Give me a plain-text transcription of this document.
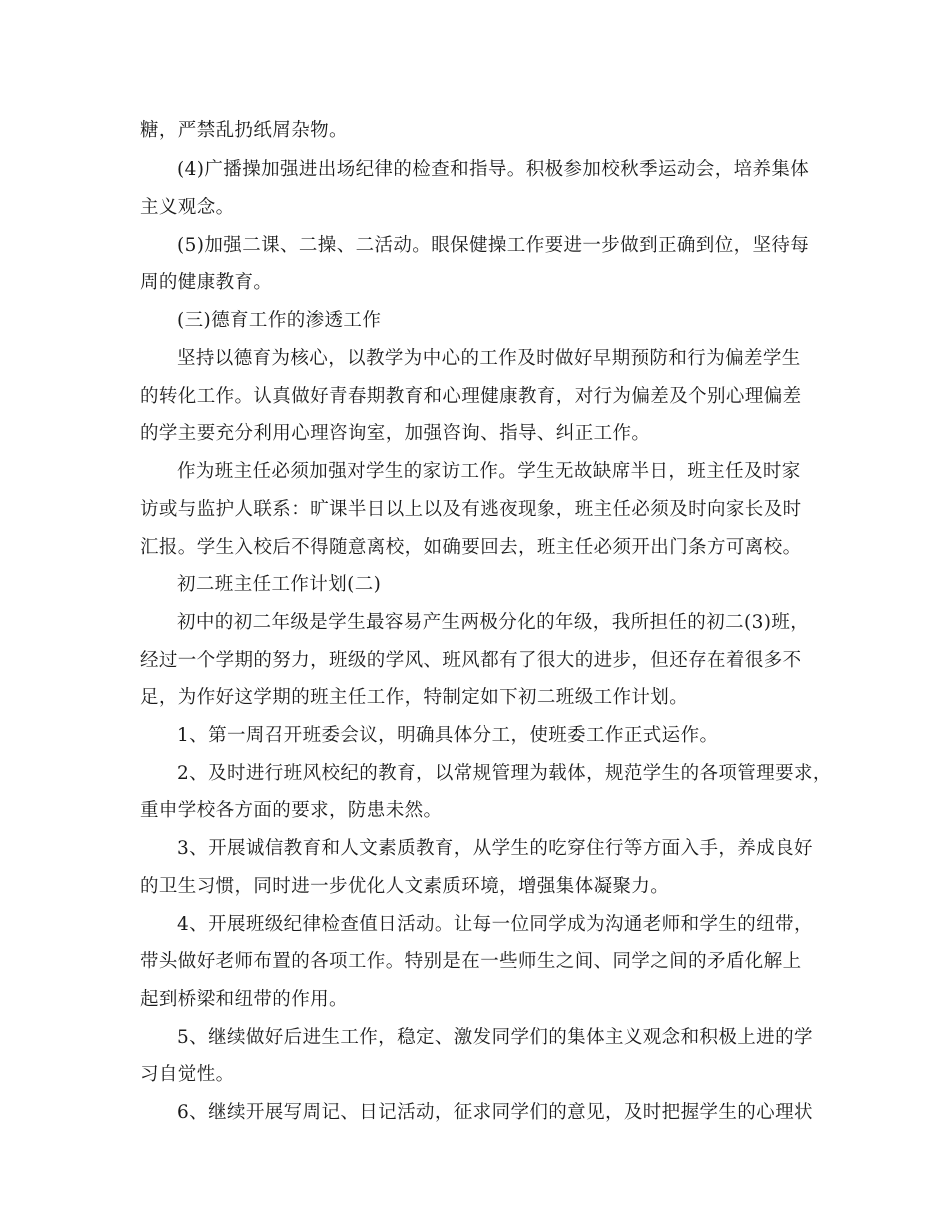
糖，严禁乱扔纸屑杂物。
(4)广播操加强进出场纪律的检查和指导。积极参加校秋季运动会，培养集体
主义观念。
(5)加强二课、二操、二活动。眼保健操工作要进一步做到正确到位，坚待每
周的健康教育。
(三)德育工作的渗透工作
坚持以德育为核心，以教学为中心的工作及时做好早期预防和行为偏差学生
的转化工作。认真做好青春期教育和心理健康教育，对行为偏差及个别心理偏差
的学主要充分利用心理咨询室，加强咨询、指导、纠正工作。
作为班主任必须加强对学生的家访工作。学生无故缺席半日，班主任及时家
访或与监护人联系：旷课半日以上以及有逃夜现象，班主任必须及时向家长及时
汇报。学生入校后不得随意离校，如确要回去，班主任必须开出门条方可离校。
初二班主任工作计划(二)
初中的初二年级是学生最容易产生两极分化的年级，我所担任的初二(3)班，
经过一个学期的努力，班级的学风、班风都有了很大的进步，但还存在着很多不
足，为作好这学期的班主任工作，特制定如下初二班级工作计划。
1、第一周召开班委会议，明确具体分工，使班委工作正式运作。
2、及时进行班风校纪的教育，以常规管理为载体，规范学生的各项管理要求，
重申学校各方面的要求，防患未然。
3、开展诚信教育和人文素质教育，从学生的吃穿住行等方面入手，养成良好
的卫生习惯，同时进一步优化人文素质环境，增强集体凝聚力。
4、开展班级纪律检查值日活动。让每一位同学成为沟通老师和学生的纽带，
带头做好老师布置的各项工作。特别是在一些师生之间、同学之间的矛盾化解上
起到桥梁和纽带的作用。
5、继续做好后进生工作，稳定、激发同学们的集体主义观念和积极上进的学
习自觉性。
6、继续开展写周记、日记活动，征求同学们的意见，及时把握学生的心理状
